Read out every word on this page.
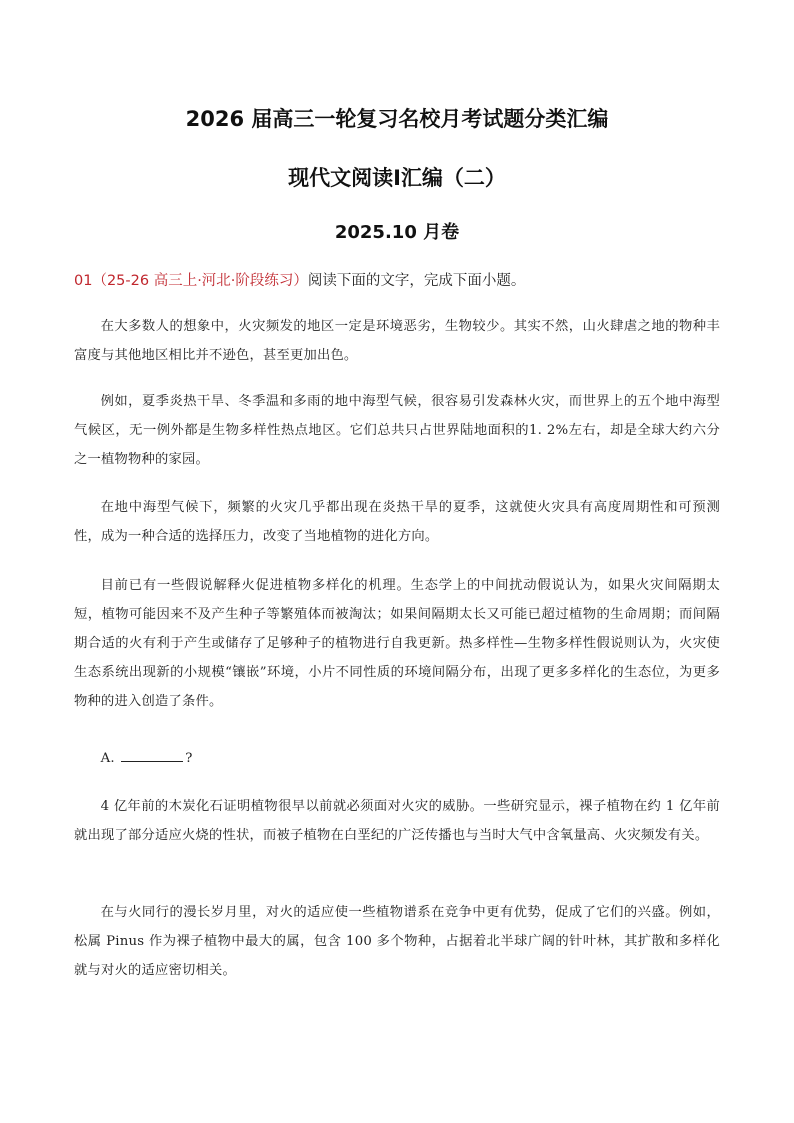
2026 届高三一轮复习名校月考试题分类汇编
现代文阅读Ⅰ汇编（二）
2025.10 月卷
01（25-26 高三上·河北·阶段练习）阅读下面的文字，完成下面小题。

在大多数人的想象中，火灾频发的地区一定是环境恶劣，生物较少。其实不然，山火肆虐之地的物种丰富度与其他地区相比并不逊色，甚至更加出色。

例如，夏季炎热干旱、冬季温和多雨的地中海型气候，很容易引发森林火灾，而世界上的五个地中海型气候区，无一例外都是生物多样性热点地区。它们总共只占世界陆地面积的1. 2%左右，却是全球大约六分之一植物物种的家园。

在地中海型气候下，频繁的火灾几乎都出现在炎热干旱的夏季，这就使火灾具有高度周期性和可预测性，成为一种合适的选择压力，改变了当地植物的进化方向。

目前已有一些假说解释火促进植物多样化的机理。生态学上的中间扰动假说认为，如果火灾间隔期太短，植物可能因来不及产生种子等繁殖体而被淘汰；如果间隔期太长又可能已超过植物的生命周期；而间隔期合适的火有利于产生或储存了足够种子的植物进行自我更新。热多样性—生物多样性假说则认为，火灾使生态系统出现新的小规模“镶嵌”环境，小片不同性质的环境间隔分布，出现了更多多样化的生态位，为更多物种的进入创造了条件。

A.	?

4 亿年前的木炭化石证明植物很早以前就必须面对火灾的威胁。一些研究显示，裸子植物在约 1 亿年前就出现了部分适应火烧的性状，而被子植物在白垩纪的广泛传播也与当时大气中含氧量高、火灾频发有关。

在与火同行的漫长岁月里，对火的适应使一些植物谱系在竞争中更有优势，促成了它们的兴盛。例如，松属 Pinus 作为裸子植物中最大的属，包含 100 多个物种，占据着北半球广阔的针叶林，其扩散和多样化就与对火的适应密切相关。
